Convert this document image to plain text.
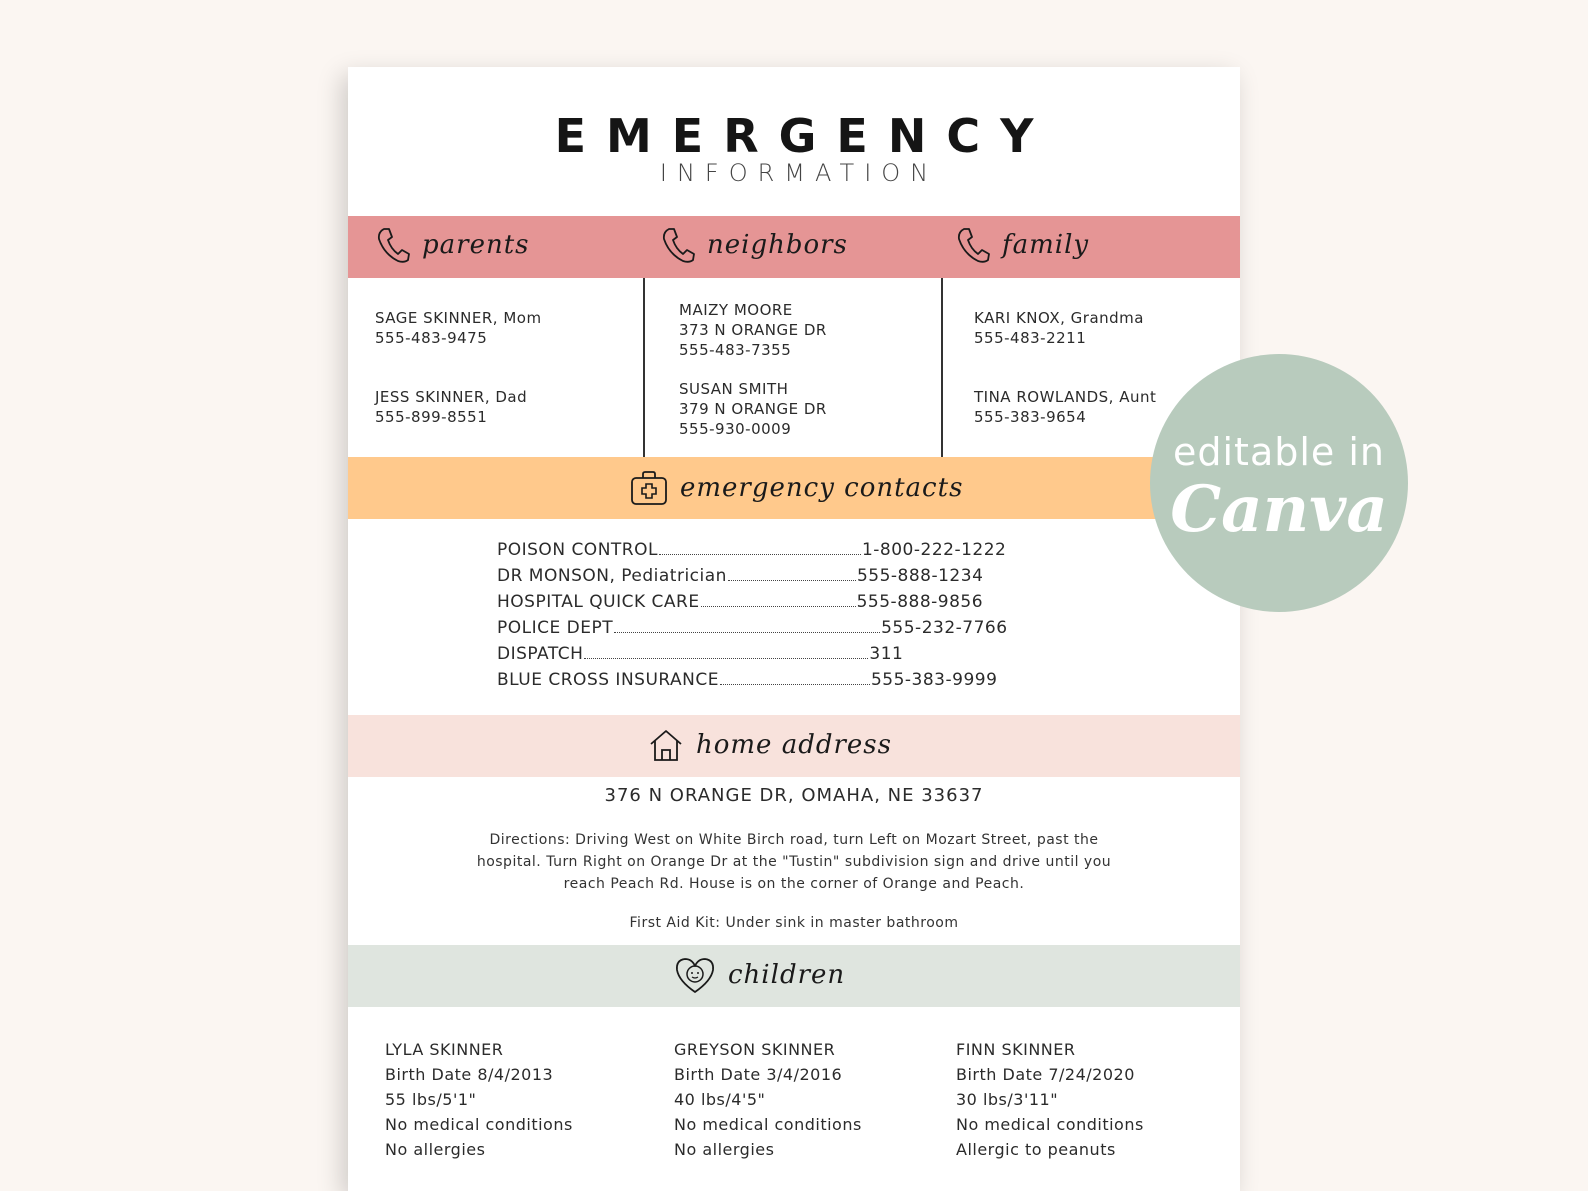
EMERGENCY
INFORMATION
parents	neighbors	family
SAGE SKINNER, Mom
555-483-9475
JESS SKINNER, Dad
555-899-8551
MAIZY MOORE
373 N ORANGE DR
555-483-7355
SUSAN SMITH
379 N ORANGE DR
555-930-0009
KARI KNOX, Grandma
555-483-2211
TINA ROWLANDS, Aunt
555-383-9654
emergency contacts
POISON CONTROL	1-800-222-1222
DR MONSON, Pediatrician	555-888-1234
HOSPITAL QUICK CARE	555-888-9856
POLICE DEPT	555-232-7766
DISPATCH	311
BLUE CROSS INSURANCE	555-383-9999
home address
376 N ORANGE DR, OMAHA, NE 33637
Directions: Driving West on White Birch road, turn Left on Mozart Street, past the
hospital. Turn Right on Orange Dr at the "Tustin" subdivision sign and drive until you
reach Peach Rd. House is on the corner of Orange and Peach.
First Aid Kit: Under sink in master bathroom
children
LYLA SKINNER
Birth Date 8/4/2013
55 lbs/5'1"
No medical conditions
No allergies
GREYSON SKINNER
Birth Date 3/4/2016
40 lbs/4'5"
No medical conditions
No allergies
FINN SKINNER
Birth Date 7/24/2020
30 lbs/3'11"
No medical conditions
Allergic to peanuts
editable in
Canva
